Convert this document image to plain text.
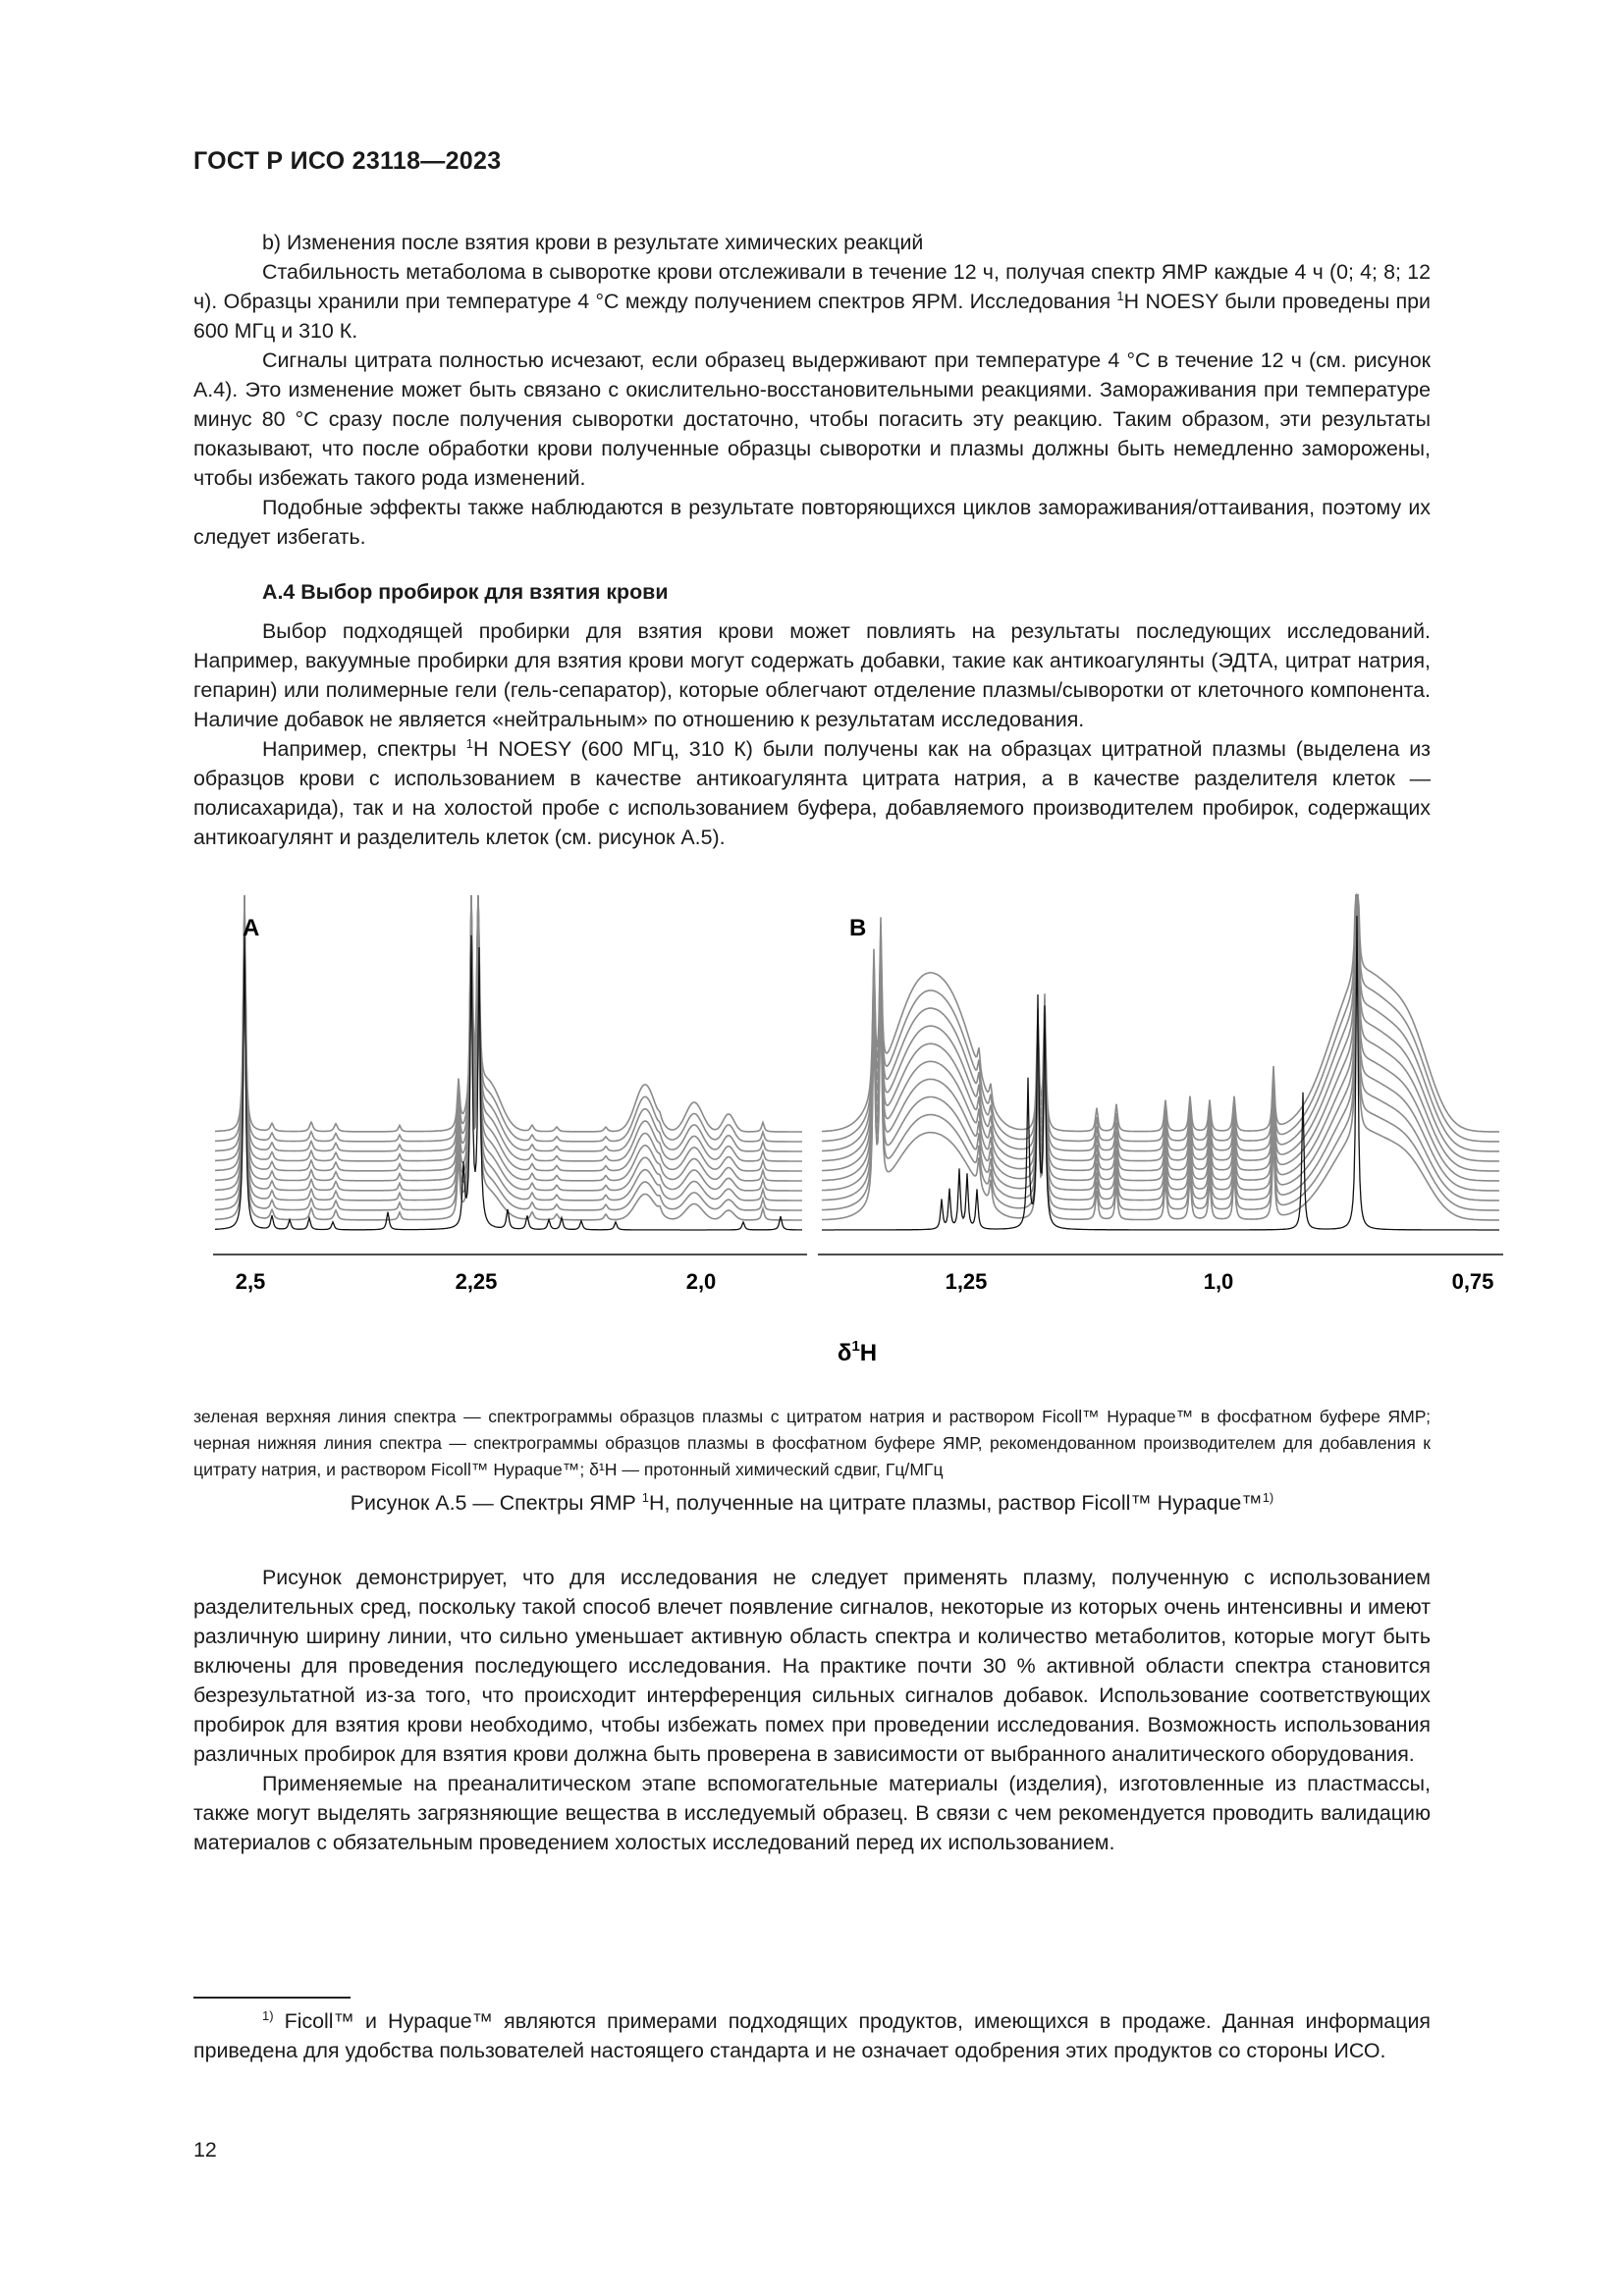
ГОСТ Р ИСО 23118—2023

b) Изменения после взятия крови в результате химических реакций

Стабильность метаболома в сыворотке крови отслеживали в течение 12 ч, получая спектр ЯМР каждые 4 ч (0; 4; 8; 12 ч). Образцы хранили при температуре 4 °С между получением спектров ЯРМ. Исследования $^1$H NOESY были проведены при 600 МГц и 310 К.

Сигналы цитрата полностью исчезают, если образец выдерживают при температуре 4 °С в течение 12 ч (см. рисунок А.4). Это изменение может быть связано с окислительно-восстановительными реакциями. Замораживания при температуре минус 80 °С сразу после получения сыворотки достаточно, чтобы погасить эту реакцию. Таким образом, эти результаты показывают, что после обработки крови полученные образцы сыворотки и плазмы должны быть немедленно заморожены, чтобы избежать такого рода изменений.

Подобные эффекты также наблюдаются в результате повторяющихся циклов замораживания/оттаивания, поэтому их следует избегать.

А.4 Выбор пробирок для взятия крови

Выбор подходящей пробирки для взятия крови может повлиять на результаты последующих исследований. Например, вакуумные пробирки для взятия крови могут содержать добавки, такие как антикоагулянты (ЭДТА, цитрат натрия, гепарин) или полимерные гели (гель-сепаратор), которые облегчают отделение плазмы/сыворотки от клеточного компонента. Наличие добавок не является «нейтральным» по отношению к результатам исследования.

Например, спектры $^1$H NOESY (600 МГц, 310 К) были получены как на образцах цитратной плазмы (выделена из образцов крови с использованием в качестве антикоагулянта цитрата натрия, а в качестве разделителя клеток — полисахарида), так и на холостой пробе с использованием буфера, добавляемого производителем пробирок, содержащих антикоагулянт и разделитель клеток (см. рисунок А.5).

A	B
2,5	2,25	2,0	1,25	1,0	0,75
$\delta^1H$
зеленая верхняя линия спектра — спектрограммы образцов плазмы с цитратом натрия и раствором Ficoll™ Hypaque™ в фосфатном буфере ЯМР; черная нижняя линия спектра — спектрограммы образцов плазмы в фосфатном буфере ЯМР, рекомендованном производителем для добавления к цитрату натрия, и раствором Ficoll™ Hypaque™; δ¹H — протонный химический сдвиг, Гц/МГц
Рисунок А.5 — Спектры ЯМР $^1$H, полученные на цитрате плазмы, раствор Ficoll™ Hypaque™$^{1)}$

Рисунок демонстрирует, что для исследования не следует применять плазму, полученную с использованием разделительных сред, поскольку такой способ влечет появление сигналов, некоторые из которых очень интенсивны и имеют различную ширину линии, что сильно уменьшает активную область спектра и количество метаболитов, которые могут быть включены для проведения последующего исследования. На практике почти 30 % активной области спектра становится безрезультатной из-за того, что происходит интерференция сильных сигналов добавок. Использование соответствующих пробирок для взятия крови необходимо, чтобы избежать помех при проведении исследования. Возможность использования различных пробирок для взятия крови должна быть проверена в зависимости от выбранного аналитического оборудования.

Применяемые на преаналитическом этапе вспомогательные материалы (изделия), изготовленные из пластмассы, также могут выделять загрязняющие вещества в исследуемый образец. В связи с чем рекомендуется проводить валидацию материалов с обязательным проведением холостых исследований перед их использованием.

$^{1)}$ Ficoll™ и Hypaque™ являются примерами подходящих продуктов, имеющихся в продаже. Данная информация приведена для удобства пользователей настоящего стандарта и не означает одобрения этих продуктов со стороны ИСО.

12
